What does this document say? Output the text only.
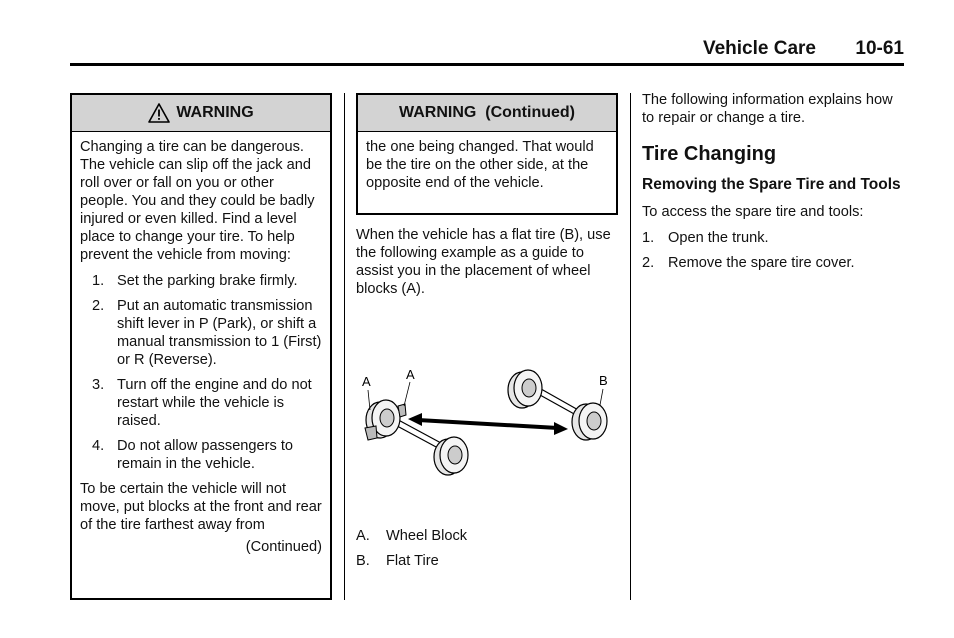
Vehicle Care 10-61
WARNING
Changing a tire can be dangerous. The vehicle can slip off the jack and roll over or fall on you or other people. You and they could be badly injured or even killed. Find a level place to change your tire. To help prevent the vehicle from moving:
1. Set the parking brake firmly.
2. Put an automatic transmission shift lever in P (Park), or shift a manual transmission to 1 (First) or R (Reverse).
3. Turn off the engine and do not restart while the vehicle is raised.
4. Do not allow passengers to remain in the vehicle.
To be certain the vehicle will not move, put blocks at the front and rear of the tire farthest away from
(Continued)
WARNING  (Continued)
the one being changed. That would be the tire on the other side, at the opposite end of the vehicle.
When the vehicle has a flat tire (B), use the following example as a guide to assist you in the placement of wheel blocks (A).
A	A	B
A. Wheel Block
B. Flat Tire
The following information explains how to repair or change a tire.
Tire Changing
Removing the Spare Tire and Tools
To access the spare tire and tools:
1. Open the trunk.
2. Remove the spare tire cover.
